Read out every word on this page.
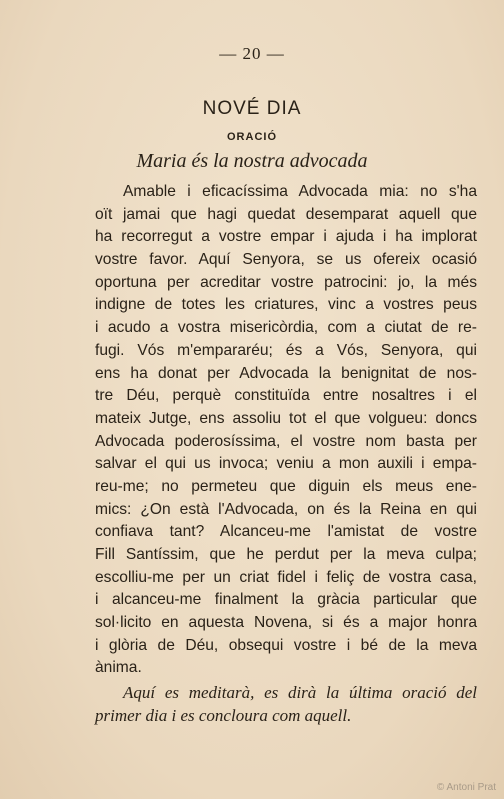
— 20 —
NOVÉ DIA
ORACIÓ
Maria és la nostra advocada
Amable i eficacíssima Advocada mia: no s'ha
oït jamai que hagi quedat desemparat aquell que
ha recorregut a vostre empar i ajuda i ha implorat
vostre favor. Aquí Senyora, se us ofereix ocasió
oportuna per acreditar vostre patrocini: jo, la més
indigne de totes les criatures, vinc a vostres peus
i acudo a vostra misericòrdia, com a ciutat de re-
fugi. Vós m'empararéu; és a Vós, Senyora, qui
ens ha donat per Advocada la benignitat de nos-
tre Déu, perquè constituïda entre nosaltres i el
mateix Jutge, ens assoliu tot el que volgueu: doncs
Advocada poderosíssima, el vostre nom basta per
salvar el qui us invoca; veniu a mon auxili i empa-
reu-me; no permeteu que diguin els meus ene-
mics: ¿On està l'Advocada, on és la Reina en qui
confiava tant? Alcanceu-me l'amistat de vostre
Fill Santíssim, que he perdut per la meva culpa;
escolliu-me per un criat fidel i feliç de vostra casa,
i alcanceu-me finalment la gràcia particular que
sol·licito en aquesta Novena, si és a major honra
i glòria de Déu, obsequi vostre i bé de la meva
ànima.
Aquí es meditarà, es dirà la última oració del
primer dia i es concloura com aquell.
© Antoni Prat
